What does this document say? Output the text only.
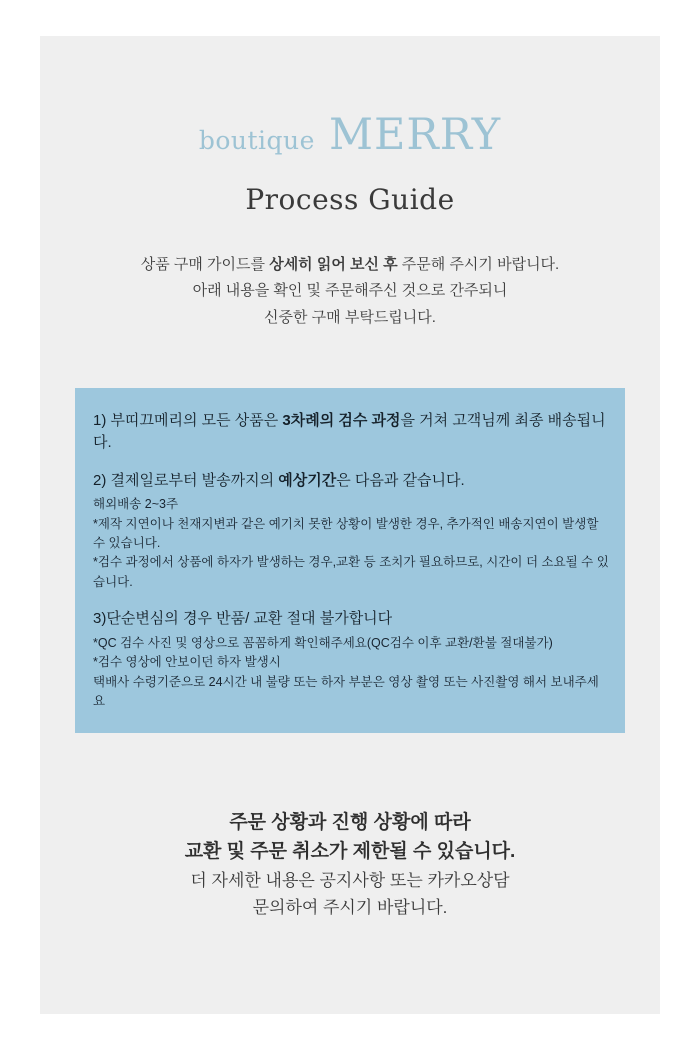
boutique MERRY
Process Guide
상품 구매 가이드를 상세히 읽어 보신 후 주문해 주시기 바랍니다.
아래 내용을 확인 및 주문해주신 것으로 간주되니
신중한 구매 부탁드립니다.
1) 부띠끄메리의 모든 상품은 3차례의 검수 과정을 거쳐 고객님께 최종 배송됩니다.
2) 결제일로부터 발송까지의 예상기간은 다음과 같습니다.
해외배송 2~3주
*제작 지연이나 천재지변과 같은 예기치 못한 상황이 발생한 경우, 추가적인 배송지연이 발생할 수 있습니다.
*검수 과정에서 상품에 하자가 발생하는 경우,교환 등 조치가 필요하므로, 시간이 더 소요될 수 있습니다.
3)단순변심의 경우 반품/ 교환 절대 불가합니다
*QC 검수 사진 및 영상으로 꼼꼼하게 확인해주세요(QC검수 이후 교환/환불 절대불가)
*검수 영상에 안보이던 하자 발생시
택배사 수령기준으로 24시간 내 불량 또는 하자 부분은 영상 촬영 또는 사진촬영 해서 보내주세요
주문 상황과 진행 상황에 따라
교환 및 주문 취소가 제한될 수 있습니다.
더 자세한 내용은 공지사항 또는 카카오상담
문의하여 주시기 바랍니다.
